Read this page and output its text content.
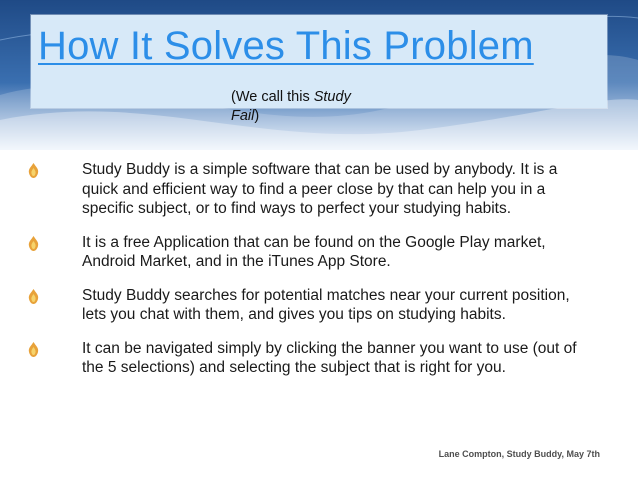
How It Solves This Problem
(We call this Study
Fail)
Study Buddy is a simple software that can be used by anybody. It is a quick and efficient way to find a peer close by that can help you in a specific subject, or to find ways to perfect your studying habits.
It is a free Application that can be found on the Google Play market, Android Market, and in the iTunes App Store.
Study Buddy searches for potential matches near your current position, lets you chat with them, and gives you tips on studying habits.
It can be navigated simply by clicking the banner you want to use (out of the 5 selections) and selecting the subject that is right for you.
Lane Compton, Study Buddy, May 7th
